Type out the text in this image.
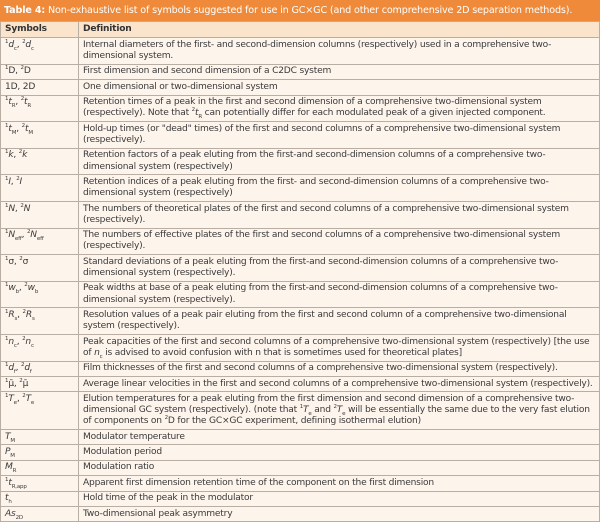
Table 4: Non-exhaustive list of symbols suggested for use in GC×GC (and other comprehensive 2D separation methods).
Symbols	Definition
$^1d_c$, $^2d_c$	Internal diameters of the first- and second-dimension columns (respectively) used in a comprehensive two-dimensional system.
$^1$D, $^2$D	First dimension and second dimension of a C2DC system
1D, 2D	One dimensional or two-dimensional system
$^1t_R$, $^2t_R$	Retention times of a peak in the first and second dimension of a comprehensive two-dimensional system (respectively). Note that $^2t_R$ can potentially differ for each modulated peak of a given injected component.
$^1t_M$, $^2t_M$	Hold-up times (or "dead" times) of the first and second columns of a comprehensive two-dimensional system (respectively).
$^1$k, $^2$k	Retention factors of a peak eluting from the first-and second-dimension columns of a comprehensive two-dimensional system (respectively)
$^1$I, $^2$I	Retention indices of a peak eluting from the first- and second-dimension columns of a comprehensive two-dimensional system (respectively)
$^1$N, $^2$N	The numbers of theoretical plates of the first and second columns of a comprehensive two-dimensional system (respectively).
$^1N_{eff}$, $^2N_{eff}$	The numbers of effective plates of the first and second columns of a comprehensive two-dimensional system (respectively).
$^1$σ, $^2$σ	Standard deviations of a peak eluting from the first-and second-dimension columns of a comprehensive two-dimensional system (respectively).
$^1w_b$, $^2w_b$	Peak widths at base of a peak eluting from the first-and second-dimension columns of a comprehensive two-dimensional system (respectively).
$^1R_s$, $^2R_s$	Resolution values of a peak pair eluting from the first and second column of a comprehensive two-dimensional system (respectively).
$^1n_c$, $^2n_c$	Peak capacities of the first and second columns of a comprehensive two-dimensional system (respectively) [the use of $n_c$ is advised to avoid confusion with n that is sometimes used for theoretical plates]
$^1d_f$, $^2d_f$	Film thicknesses of the first and second columns of a comprehensive two-dimensional system (respectively).
$^1$μ̄, $^2$μ̄	Average linear velocities in the first and second columns of a comprehensive two-dimensional system (respectively).
$^1T_e$, $^2T_e$	Elution temperatures for a peak eluting from the first dimension and second dimension of a comprehensive two-dimensional GC system (respectively). (note that $^1T_e$ and $^2T_e$ will be essentially the same due to the very fast elution of components on $^2$D for the GC×GC experiment, defining isothermal elution)
$T_M$	Modulator temperature
$P_M$	Modulation period
$M_R$	Modulation ratio
$^1t_{R,app}$	Apparent first dimension retention time of the component on the first dimension
$t_h$	Hold time of the peak in the modulator
$As_{2D}$	Two-dimensional peak asymmetry
